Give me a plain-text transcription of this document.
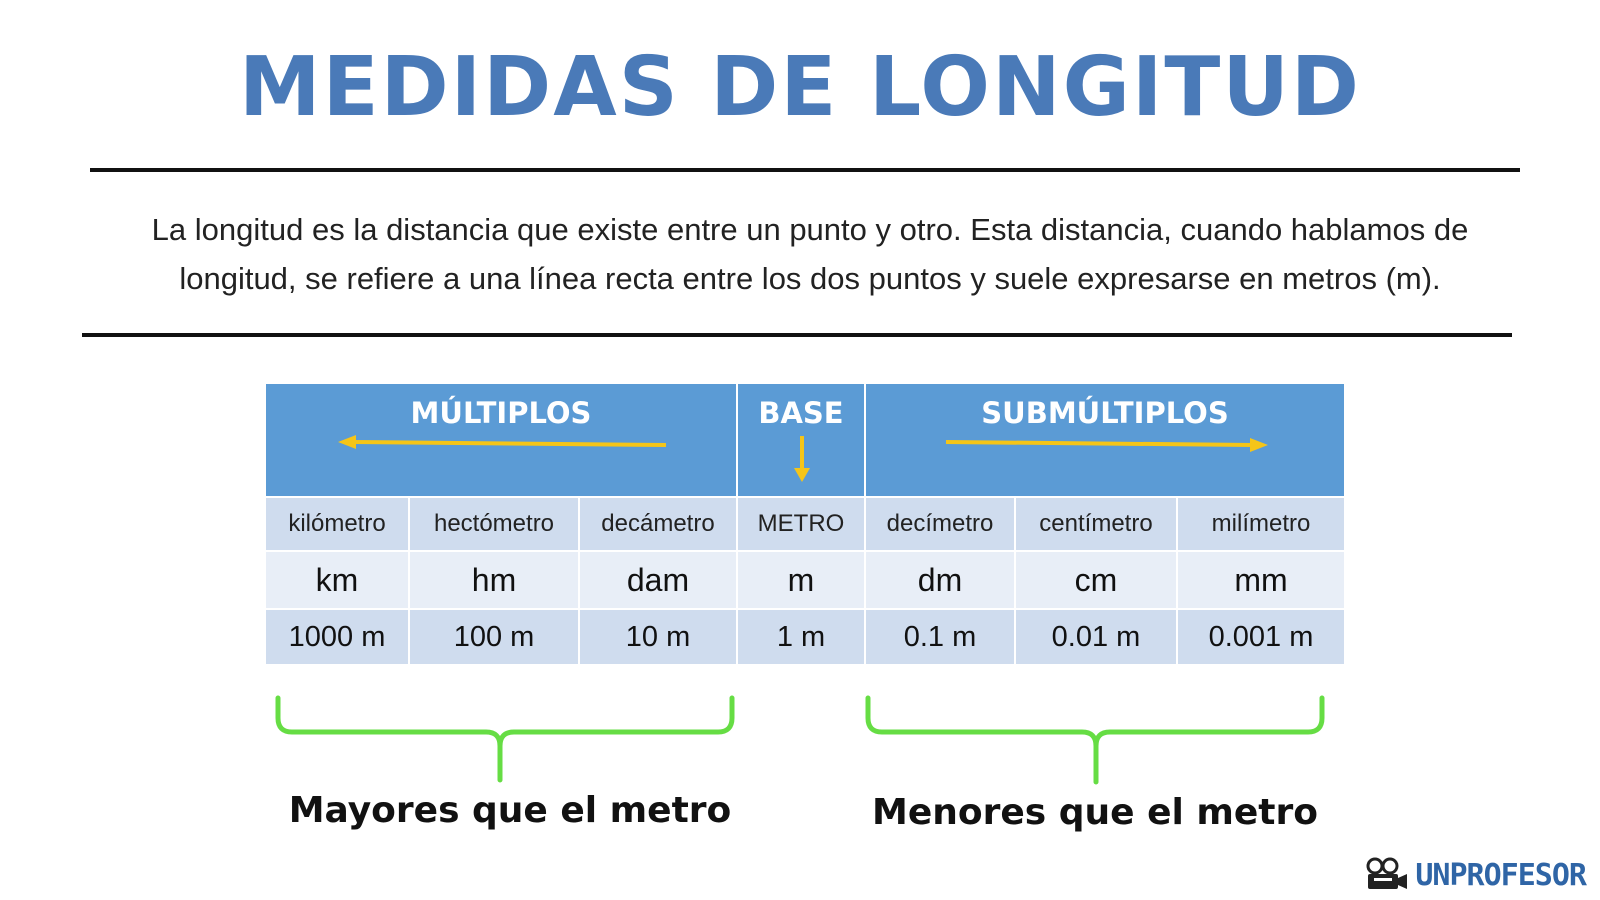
MEDIDAS DE LONGITUD

La longitud es la distancia que existe entre un punto y otro. Esta distancia, cuando hablamos de longitud, se refiere a una línea recta entre los dos puntos y suele expresarse en metros (m).

MÚLTIPLOS			BASE	SUBMÚLTIPLOS		

kilómetro	hectómetro	decámetro	METRO	decímetro	centímetro	milímetro
km	hm	dam	m	dm	cm	mm
1000 m	100 m	10 m	1 m	0.1 m	0.01 m	0.001 m

Mayores que el metro	Menores que el metro

UNPROFESOR
